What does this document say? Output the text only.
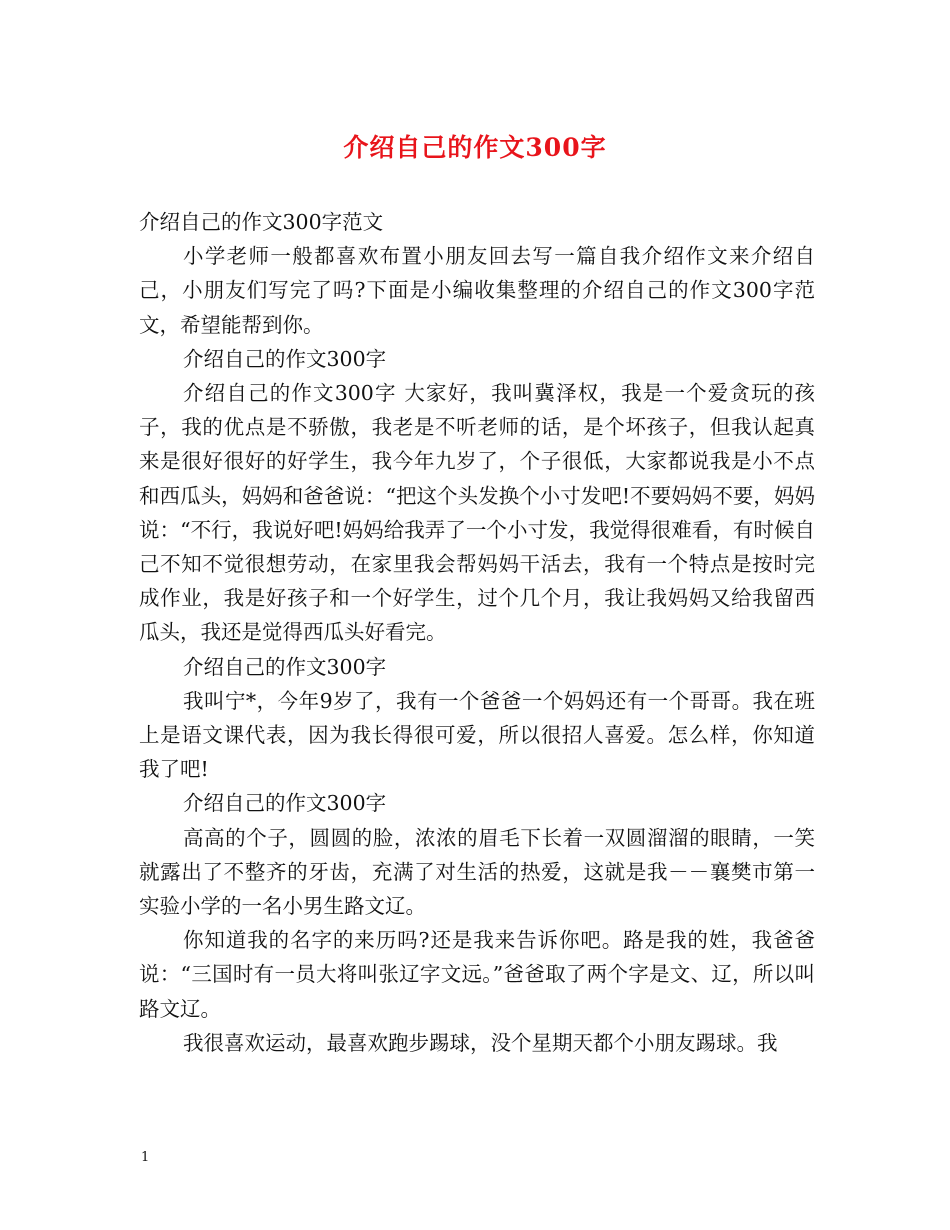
介绍自己的作文300字

介绍自己的作文300字范文

小学老师一般都喜欢布置小朋友回去写一篇自我介绍作文来介绍自己，小朋友们写完了吗?下面是小编收集整理的介绍自己的作文300字范文，希望能帮到你。

介绍自己的作文300字

介绍自己的作文300字 大家好，我叫冀泽权，我是一个爱贪玩的孩子，我的优点是不骄傲，我老是不听老师的话，是个坏孩子，但我认起真来是很好很好的好学生，我今年九岁了，个子很低，大家都说我是小不点和西瓜头，妈妈和爸爸说：“把这个头发换个小寸发吧!不要妈妈不要，妈妈说：“不行，我说好吧!妈妈给我弄了一个小寸发，我觉得很难看，有时候自己不知不觉很想劳动，在家里我会帮妈妈干活去，我有一个特点是按时完成作业，我是好孩子和一个好学生，过个几个月，我让我妈妈又给我留西瓜头，我还是觉得西瓜头好看完。

介绍自己的作文300字

我叫宁*，今年9岁了，我有一个爸爸一个妈妈还有一个哥哥。我在班上是语文课代表，因为我长得很可爱，所以很招人喜爱。怎么样，你知道我了吧!

介绍自己的作文300字

高高的个子，圆圆的脸，浓浓的眉毛下长着一双圆溜溜的眼睛，一笑就露出了不整齐的牙齿，充满了对生活的热爱，这就是我－－襄樊市第一实验小学的一名小男生路文辽。

你知道我的名字的来历吗?还是我来告诉你吧。路是我的姓，我爸爸说：“三国时有一员大将叫张辽字文远。”爸爸取了两个字是文、辽，所以叫路文辽。

我很喜欢运动，最喜欢跑步踢球，没个星期天都个小朋友踢球。我

1
